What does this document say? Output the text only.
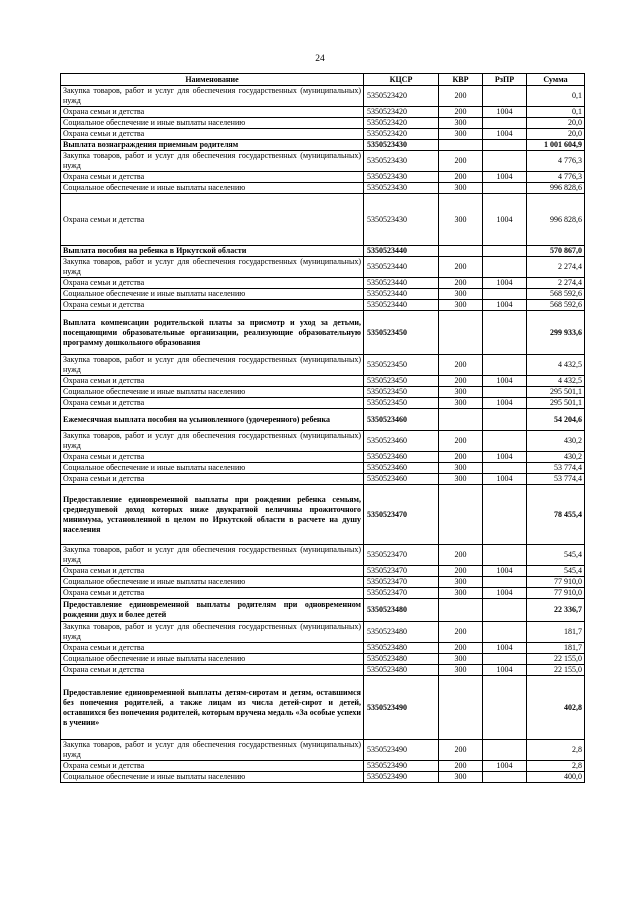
24
Наименование	КЦСР	КВР	РзПР	Сумма
Закупка товаров, работ и услуг для обеспечения государственных (муниципальных) нужд	5350523420	200		0,1
Охрана семьи и детства	5350523420	200	1004	0,1
Социальное обеспечение и иные выплаты населению	5350523420	300		20,0
Охрана семьи и детства	5350523420	300	1004	20,0
Выплата вознаграждения приемным родителям	5350523430			1 001 604,9
Закупка товаров, работ и услуг для обеспечения государственных (муниципальных) нужд	5350523430	200		4 776,3
Охрана семьи и детства	5350523430	200	1004	4 776,3
Социальное обеспечение и иные выплаты населению	5350523430	300		996 828,6
Охрана семьи и детства	5350523430	300	1004	996 828,6
Выплата пособия на ребенка в Иркутской области	5350523440			570 867,0
Закупка товаров, работ и услуг для обеспечения государственных (муниципальных) нужд	5350523440	200		2 274,4
Охрана семьи и детства	5350523440	200	1004	2 274,4
Социальное обеспечение и иные выплаты населению	5350523440	300		568 592,6
Охрана семьи и детства	5350523440	300	1004	568 592,6
Выплата компенсации родительской платы за присмотр и уход за детьми, посещающими образовательные организации, реализующие образовательную программу дошкольного образования	5350523450			299 933,6
Закупка товаров, работ и услуг для обеспечения государственных (муниципальных) нужд	5350523450	200		4 432,5
Охрана семьи и детства	5350523450	200	1004	4 432,5
Социальное обеспечение и иные выплаты населению	5350523450	300		295 501,1
Охрана семьи и детства	5350523450	300	1004	295 501,1
Ежемесячная выплата пособия на усыновленного (удочеренного) ребенка	5350523460			54 204,6
Закупка товаров, работ и услуг для обеспечения государственных (муниципальных) нужд	5350523460	200		430,2
Охрана семьи и детства	5350523460	200	1004	430,2
Социальное обеспечение и иные выплаты населению	5350523460	300		53 774,4
Охрана семьи и детства	5350523460	300	1004	53 774,4
Предоставление единовременной выплаты при рождении ребенка семьям, среднедушевой доход которых ниже двукратной величины прожиточного минимума, установленной в целом по Иркутской области в расчете на душу населения	5350523470			78 455,4
Закупка товаров, работ и услуг для обеспечения государственных (муниципальных) нужд	5350523470	200		545,4
Охрана семьи и детства	5350523470	200	1004	545,4
Социальное обеспечение и иные выплаты населению	5350523470	300		77 910,0
Охрана семьи и детства	5350523470	300	1004	77 910,0
Предоставление единовременной выплаты родителям при одновременном рождении двух и более детей	5350523480			22 336,7
Закупка товаров, работ и услуг для обеспечения государственных (муниципальных) нужд	5350523480	200		181,7
Охрана семьи и детства	5350523480	200	1004	181,7
Социальное обеспечение и иные выплаты населению	5350523480	300		22 155,0
Охрана семьи и детства	5350523480	300	1004	22 155,0
Предоставление единовременной выплаты детям-сиротам и детям, оставшимся без попечения родителей, а также лицам из числа детей-сирот и детей, оставшихся без попечения родителей, которым вручена медаль «За особые успехи в учении»	5350523490			402,8
Закупка товаров, работ и услуг для обеспечения государственных (муниципальных) нужд	5350523490	200		2,8
Охрана семьи и детства	5350523490	200	1004	2,8
Социальное обеспечение и иные выплаты населению	5350523490	300		400,0
